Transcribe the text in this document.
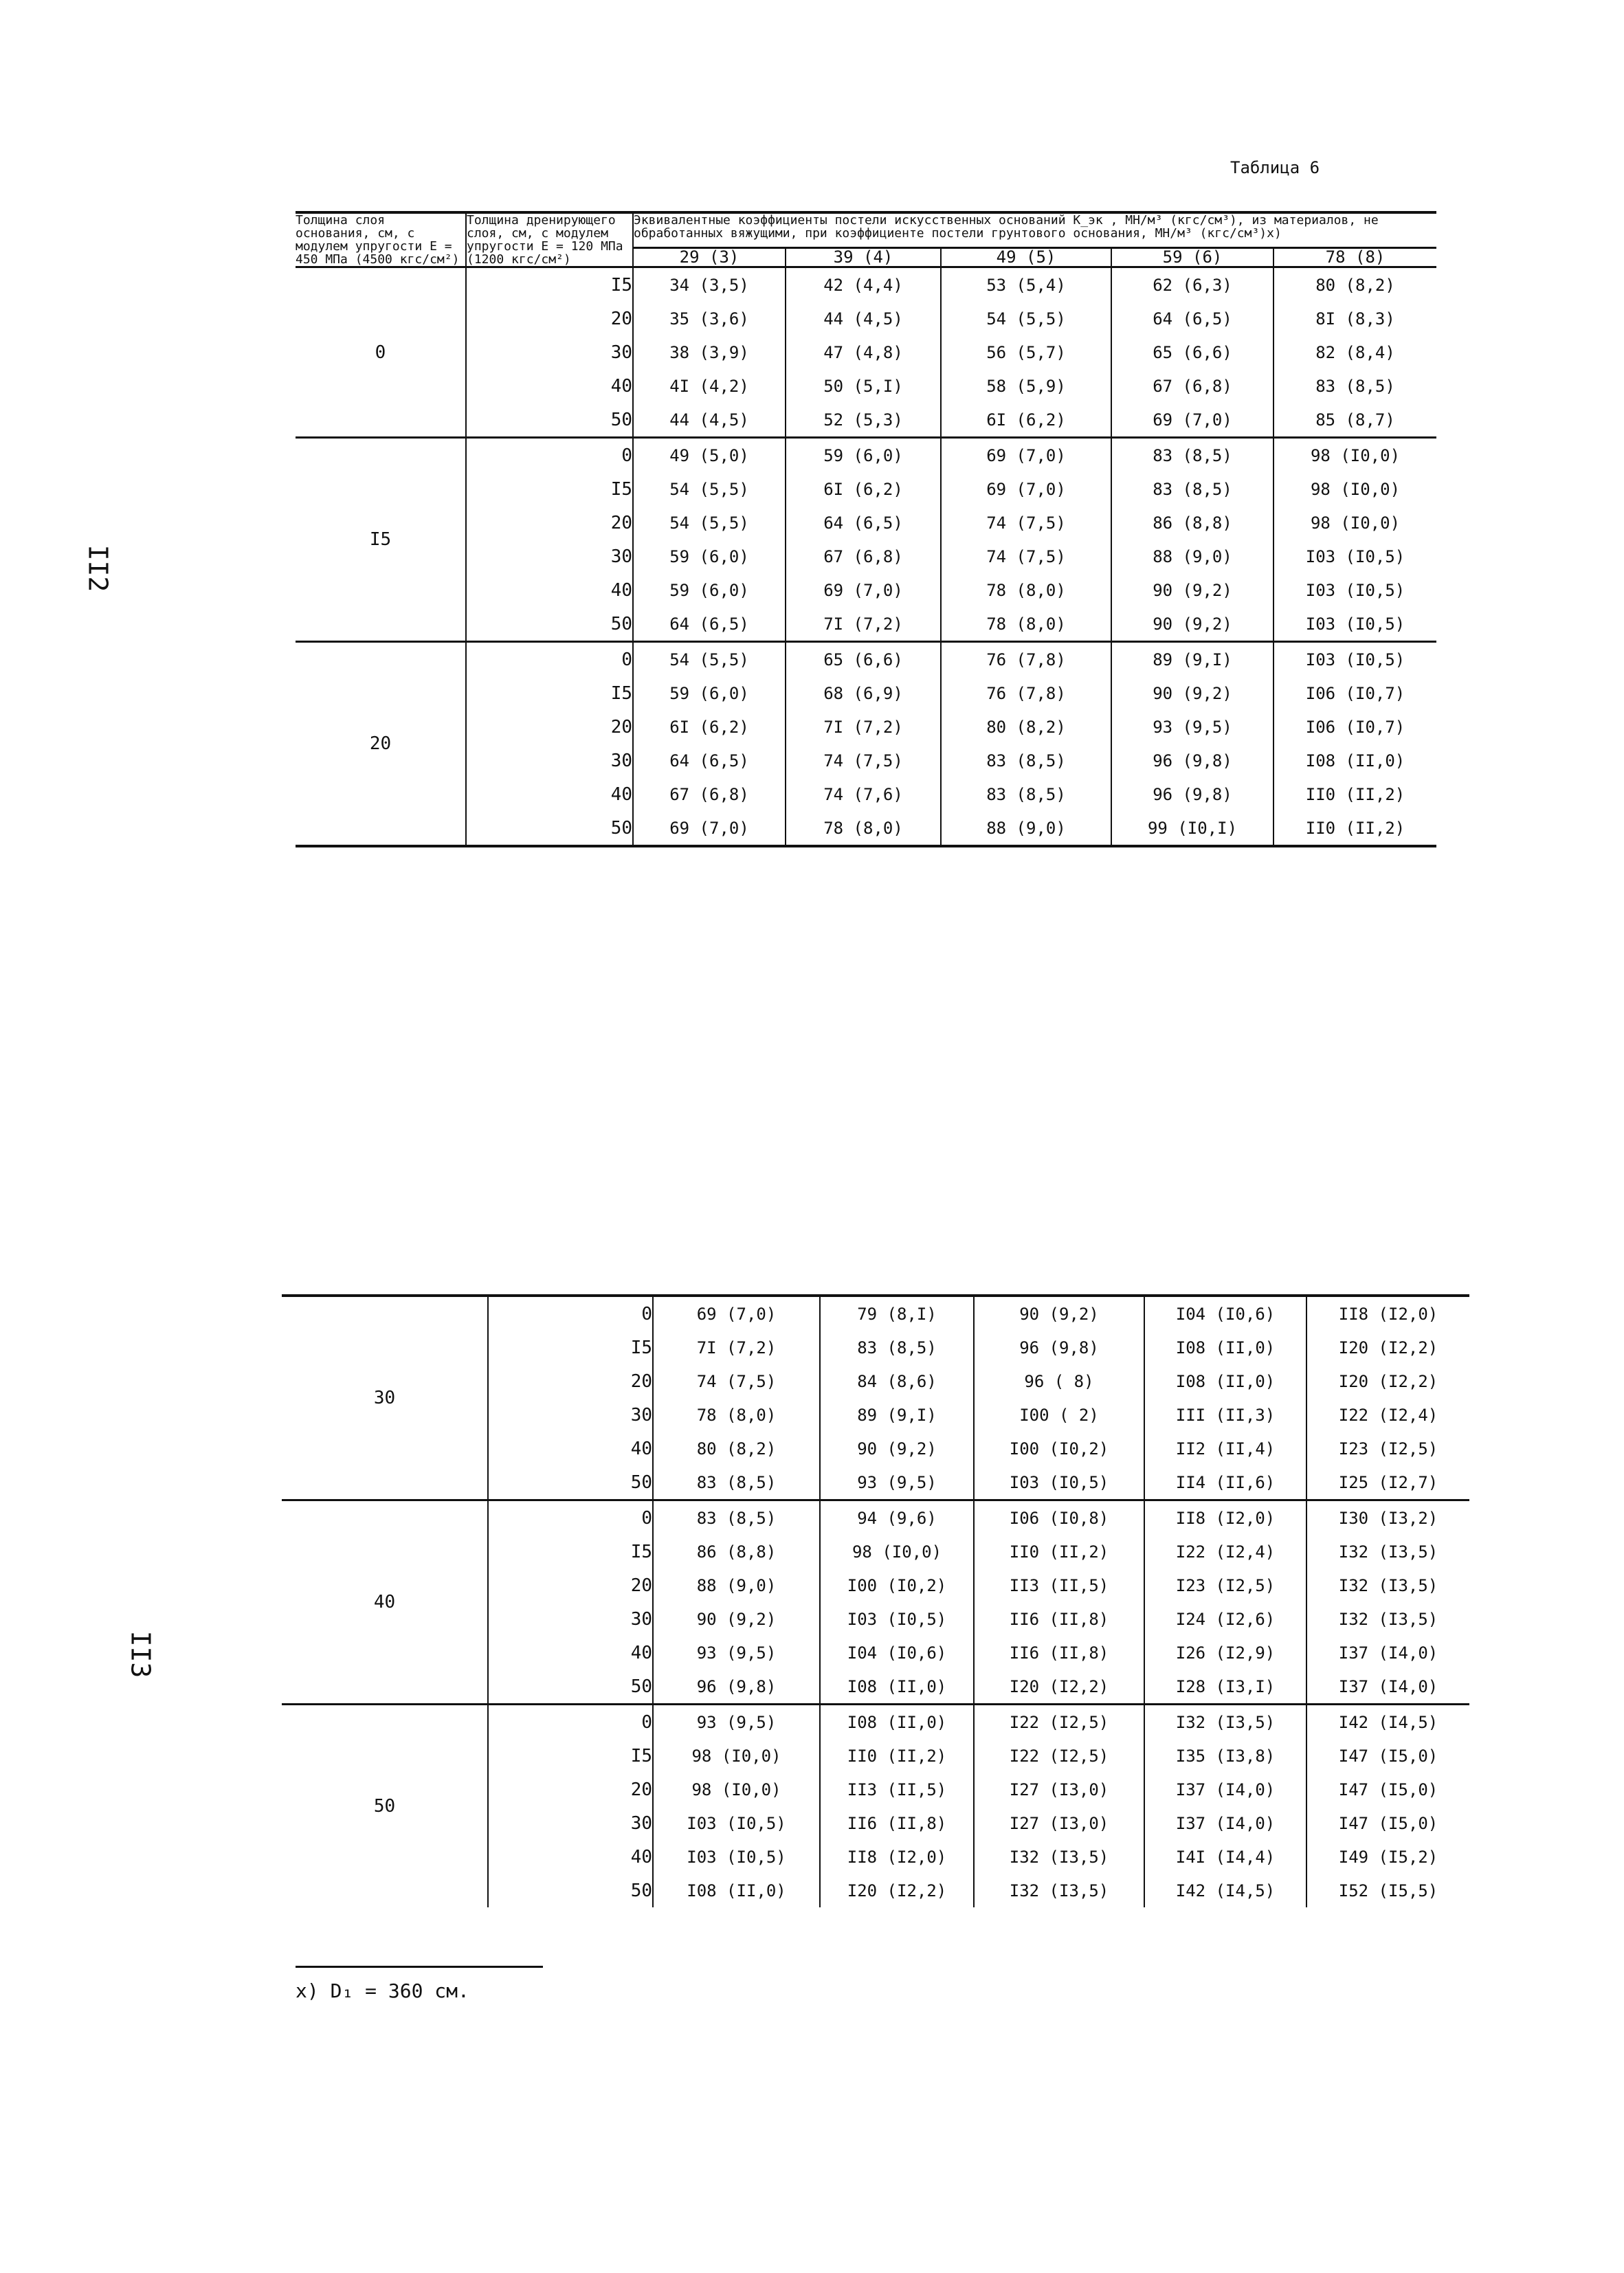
Таблица 6
II2
II3
Толщина слоя основания, см, с модулем упругости E = 450 МПа (4500 кгс/см²)	Толщина дренирующего слоя, см, с модулем упругости E = 120 МПа (1200 кгс/см²)	Эквивалентные коэффициенты постели искусственных оснований K_эк , МН/м³ (кгс/см³), из материалов, не обработанных вяжущими, при коэффициенте постели грунтового основания, МН/м³ (кгс/см³)x)				
		29 (3)	39 (4)	49 (5)	59 (6)	78 (8)
0	I5	34 (3,5)	42 (4,4)	53 (5,4)	62 (6,3)	80 (8,2)
	20	35 (3,6)	44 (4,5)	54 (5,5)	64 (6,5)	8I (8,3)
	30	38 (3,9)	47 (4,8)	56 (5,7)	65 (6,6)	82 (8,4)
	40	4I (4,2)	50 (5,I)	58 (5,9)	67 (6,8)	83 (8,5)
	50	44 (4,5)	52 (5,3)	6I (6,2)	69 (7,0)	85 (8,7)
I5	0	49 (5,0)	59 (6,0)	69 (7,0)	83 (8,5)	98 (I0,0)
	I5	54 (5,5)	6I (6,2)	69 (7,0)	83 (8,5)	98 (I0,0)
	20	54 (5,5)	64 (6,5)	74 (7,5)	86 (8,8)	98 (I0,0)
	30	59 (6,0)	67 (6,8)	74 (7,5)	88 (9,0)	I03 (I0,5)
	40	59 (6,0)	69 (7,0)	78 (8,0)	90 (9,2)	I03 (I0,5)
	50	64 (6,5)	7I (7,2)	78 (8,0)	90 (9,2)	I03 (I0,5)
20	0	54 (5,5)	65 (6,6)	76 (7,8)	89 (9,I)	I03 (I0,5)
	I5	59 (6,0)	68 (6,9)	76 (7,8)	90 (9,2)	I06 (I0,7)
	20	6I (6,2)	7I (7,2)	80 (8,2)	93 (9,5)	I06 (I0,7)
	30	64 (6,5)	74 (7,5)	83 (8,5)	96 (9,8)	I08 (II,0)
	40	67 (6,8)	74 (7,6)	83 (8,5)	96 (9,8)	II0 (II,2)
	50	69 (7,0)	78 (8,0)	88 (9,0)	99 (I0,I)	II0 (II,2)
30	0	69 (7,0)	79 (8,I)	90 (9,2)	I04 (I0,6)	II8 (I2,0)
	I5	7I (7,2)	83 (8,5)	96 (9,8)	I08 (II,0)	I20 (I2,2)
	20	74 (7,5)	84 (8,6)	96 ( 8)	I08 (II,0)	I20 (I2,2)
	30	78 (8,0)	89 (9,I)	I00 ( 2)	III (II,3)	I22 (I2,4)
	40	80 (8,2)	90 (9,2)	I00 (I0,2)	II2 (II,4)	I23 (I2,5)
	50	83 (8,5)	93 (9,5)	I03 (I0,5)	II4 (II,6)	I25 (I2,7)
40	0	83 (8,5)	94 (9,6)	I06 (I0,8)	II8 (I2,0)	I30 (I3,2)
	I5	86 (8,8)	98 (I0,0)	II0 (II,2)	I22 (I2,4)	I32 (I3,5)
	20	88 (9,0)	I00 (I0,2)	II3 (II,5)	I23 (I2,5)	I32 (I3,5)
	30	90 (9,2)	I03 (I0,5)	II6 (II,8)	I24 (I2,6)	I32 (I3,5)
	40	93 (9,5)	I04 (I0,6)	II6 (II,8)	I26 (I2,9)	I37 (I4,0)
	50	96 (9,8)	I08 (II,0)	I20 (I2,2)	I28 (I3,I)	I37 (I4,0)
50	0	93 (9,5)	I08 (II,0)	I22 (I2,5)	I32 (I3,5)	I42 (I4,5)
	I5	98 (I0,0)	II0 (II,2)	I22 (I2,5)	I35 (I3,8)	I47 (I5,0)
	20	98 (I0,0)	II3 (II,5)	I27 (I3,0)	I37 (I4,0)	I47 (I5,0)
	30	I03 (I0,5)	II6 (II,8)	I27 (I3,0)	I37 (I4,0)	I47 (I5,0)
	40	I03 (I0,5)	II8 (I2,0)	I32 (I3,5)	I4I (I4,4)	I49 (I5,2)
	50	I08 (II,0)	I20 (I2,2)	I32 (I3,5)	I42 (I4,5)	I52 (I5,5)
x) D₁ = 360 см.
